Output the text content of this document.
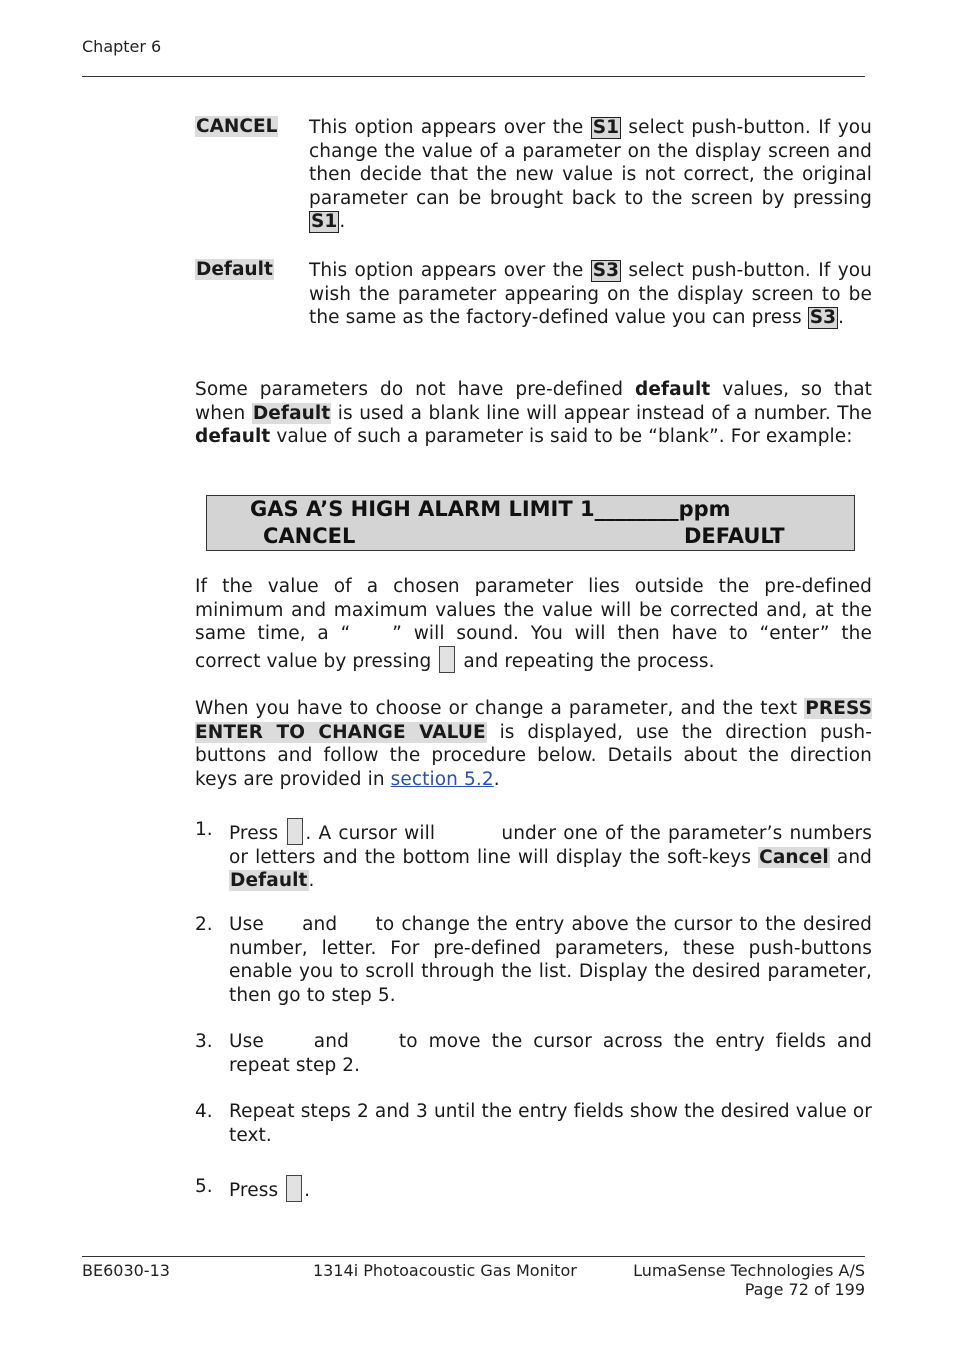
Chapter 6
CANCEL This option appears over the S1 select push-button. If you change the value of a parameter on the display screen and then decide that the new value is not correct, the original parameter can be brought back to the screen by pressing S1 .
Default This option appears over the S3 select push-button. If you wish the parameter appearing on the display screen to be the same as the factory-defined value you can press S3 .
Some parameters do not have pre-defined default values, so that when Default is used a blank line will appear instead of a number. The default value of such a parameter is said to be “blank”. For example:
GAS A’S HIGH ALARM LIMIT 1________ppm
CANCEL	DEFAULT
If the value of a chosen parameter lies outside the pre-defined minimum and maximum values the value will be corrected and, at the same time, a “ ” will sound. You will then have to “enter” the correct value by pressing  and repeating the process.
When you have to choose or change a parameter, and the text PRESS ENTER TO CHANGE VALUE is displayed, use the direction push-buttons and follow the procedure below. Details about the direction keys are provided in section 5.2.
1. Press . A cursor will	under one of the parameter’s numbers or letters and the bottom line will display the soft-keys Cancel and Default.
2. Use  and  to change the entry above the cursor to the desired number, letter. For pre-defined parameters, these push-buttons enable you to scroll through the list. Display the desired parameter, then go to step 5.
3. Use  and  to move the cursor across the entry fields and repeat step 2.
4. Repeat steps 2 and 3 until the entry fields show the desired value or text.
5. Press .
BE6030-13	1314i Photoacoustic Gas Monitor	LumaSense Technologies A/S
Page 72 of 199
